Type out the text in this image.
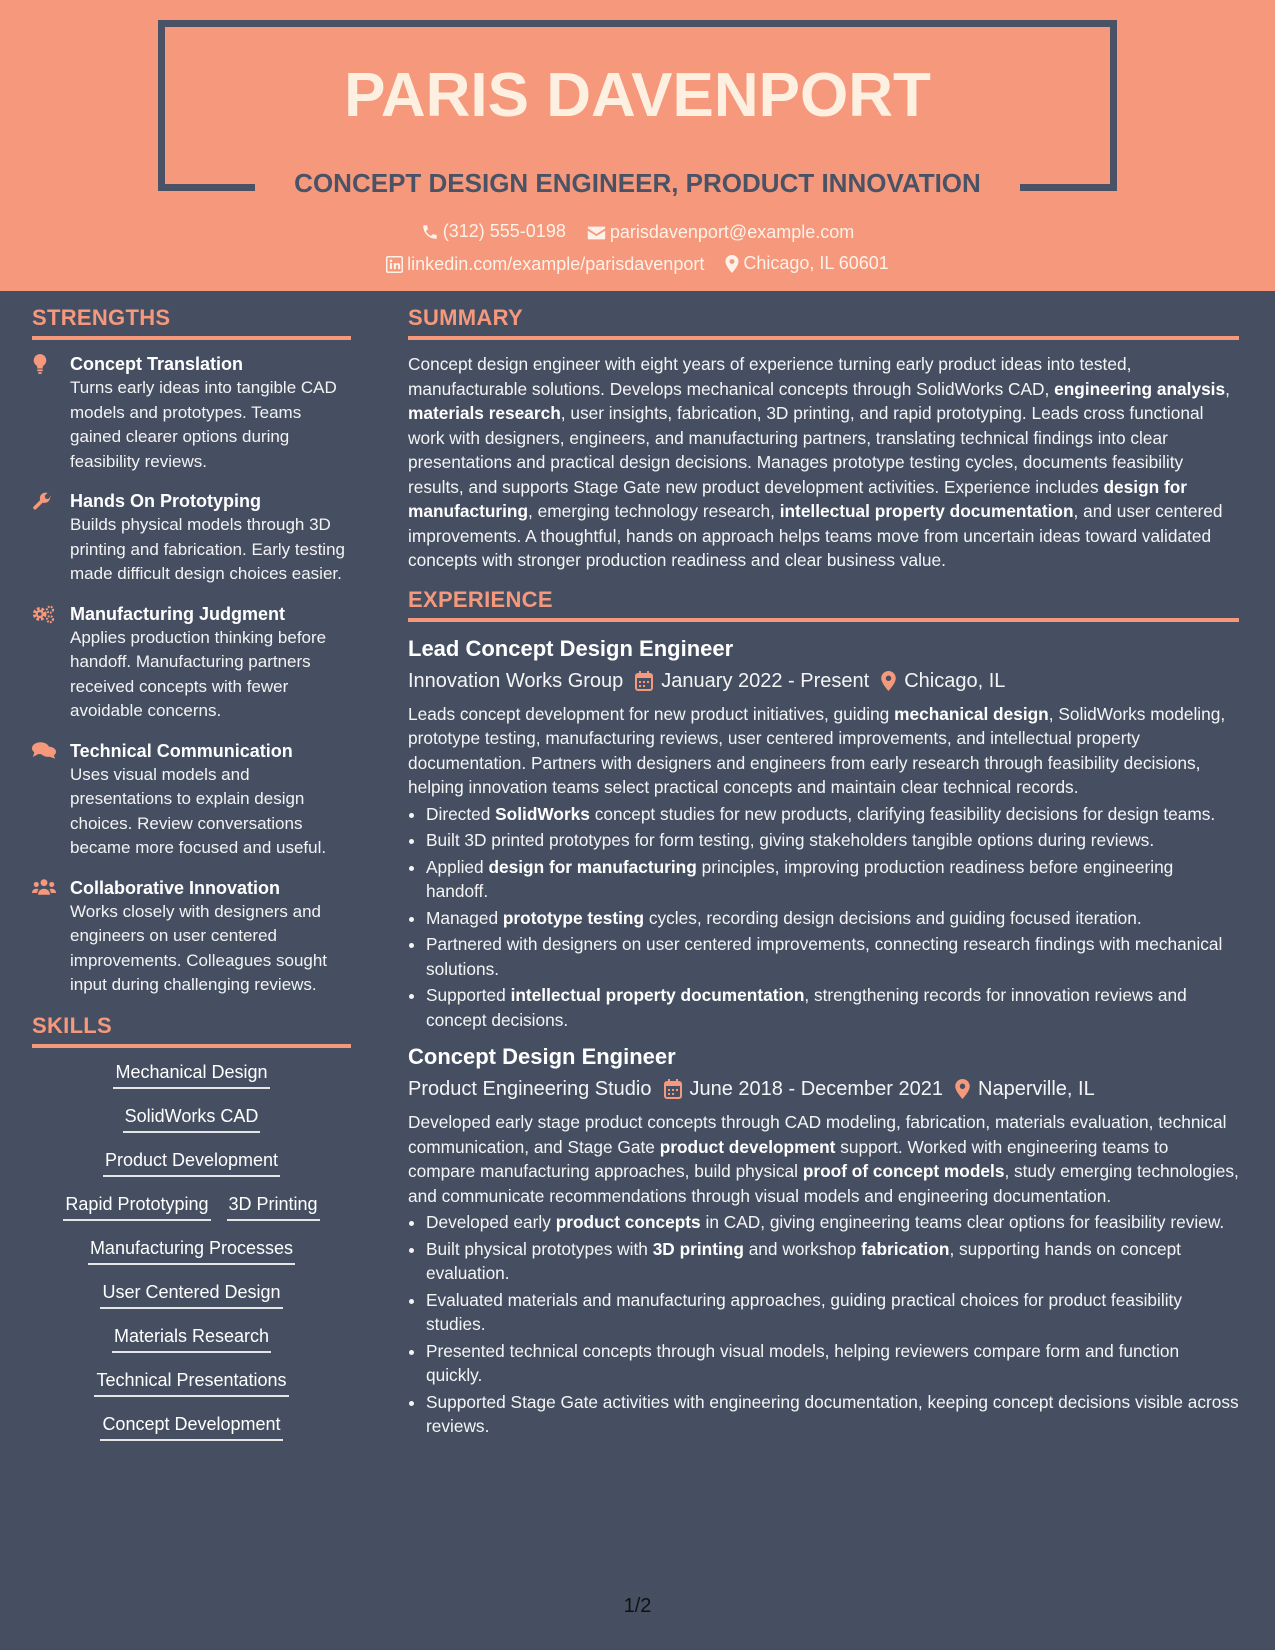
PARIS DAVENPORT
CONCEPT DESIGN ENGINEER, PRODUCT INNOVATION
(312) 555-0198
parisdavenport@example.com
linkedin.com/example/parisdavenport
Chicago, IL 60601
STRENGTHS
Concept Translation
Turns early ideas into tangible CAD models and prototypes. Teams gained clearer options during feasibility reviews.
Hands On Prototyping
Builds physical models through 3D printing and fabrication. Early testing made difficult design choices easier.
Manufacturing Judgment
Applies production thinking before handoff. Manufacturing partners received concepts with fewer avoidable concerns.
Technical Communication
Uses visual models and presentations to explain design choices. Review conversations became more focused and useful.
Collaborative Innovation
Works closely with designers and engineers on user centered improvements. Colleagues sought input during challenging reviews.
SKILLS
Mechanical Design
SolidWorks CAD
Product Development
Rapid Prototyping 3D Printing
Manufacturing Processes
User Centered Design
Materials Research
Technical Presentations
Concept Development
SUMMARY
Concept design engineer with eight years of experience turning early product ideas into tested, manufacturable solutions. Develops mechanical concepts through SolidWorks CAD, engineering analysis, materials research, user insights, fabrication, 3D printing, and rapid prototyping. Leads cross functional work with designers, engineers, and manufacturing partners, translating technical findings into clear presentations and practical design decisions. Manages prototype testing cycles, documents feasibility results, and supports Stage Gate new product development activities. Experience includes design for manufacturing, emerging technology research, intellectual property documentation, and user centered improvements. A thoughtful, hands on approach helps teams move from uncertain ideas toward validated concepts with stronger production readiness and clear business value.
EXPERIENCE
Lead Concept Design Engineer
Innovation Works Group January 2022 - Present Chicago, IL
Leads concept development for new product initiatives, guiding mechanical design, SolidWorks modeling, prototype testing, manufacturing reviews, user centered improvements, and intellectual property documentation. Partners with designers and engineers from early research through feasibility decisions, helping innovation teams select practical concepts and maintain clear technical records.
• Directed SolidWorks concept studies for new products, clarifying feasibility decisions for design teams.
• Built 3D printed prototypes for form testing, giving stakeholders tangible options during reviews.
• Applied design for manufacturing principles, improving production readiness before engineering handoff.
• Managed prototype testing cycles, recording design decisions and guiding focused iteration.
• Partnered with designers on user centered improvements, connecting research findings with mechanical solutions.
• Supported intellectual property documentation, strengthening records for innovation reviews and concept decisions.
Concept Design Engineer
Product Engineering Studio June 2018 - December 2021 Naperville, IL
Developed early stage product concepts through CAD modeling, fabrication, materials evaluation, technical communication, and Stage Gate product development support. Worked with engineering teams to compare manufacturing approaches, build physical proof of concept models, study emerging technologies, and communicate recommendations through visual models and engineering documentation.
• Developed early product concepts in CAD, giving engineering teams clear options for feasibility review.
• Built physical prototypes with 3D printing and workshop fabrication, supporting hands on concept evaluation.
• Evaluated materials and manufacturing approaches, guiding practical choices for product feasibility studies.
• Presented technical concepts through visual models, helping reviewers compare form and function quickly.
• Supported Stage Gate activities with engineering documentation, keeping concept decisions visible across reviews.
1/2
